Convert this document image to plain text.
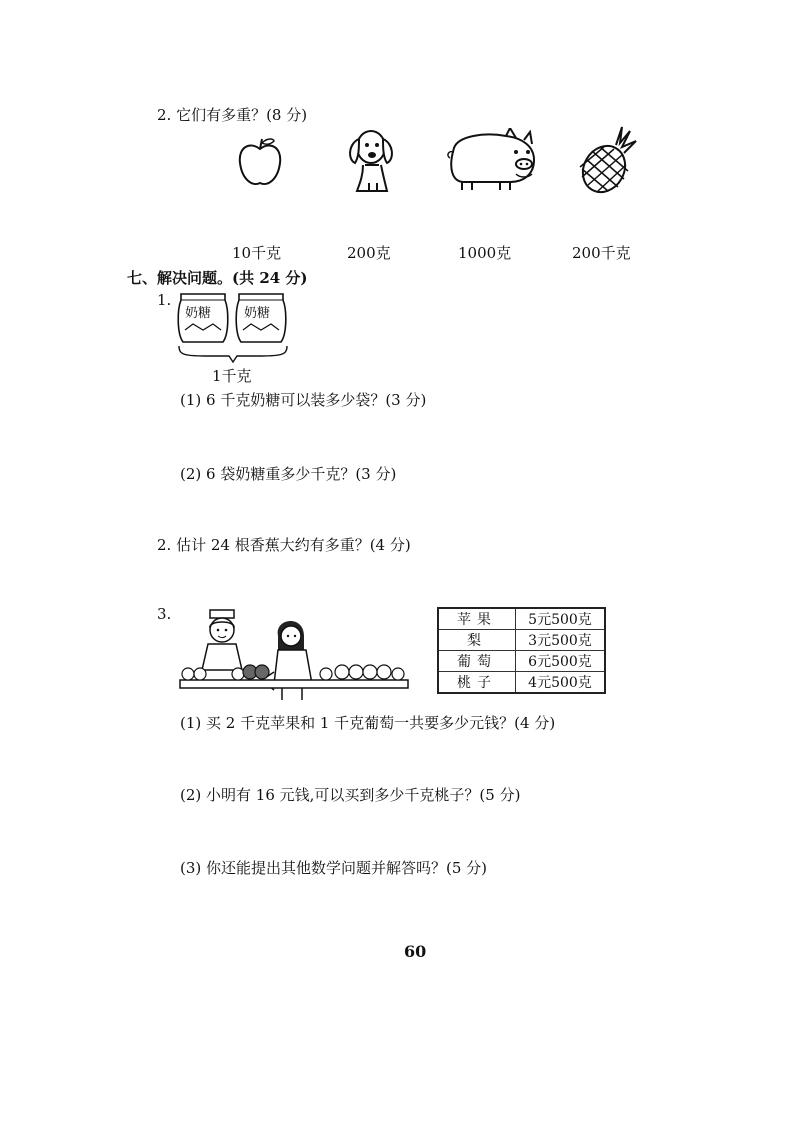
2. 它们有多重？(8 分)
10千克	200克	1000克	200千克
七、解决问题。(共 24 分)
1.
奶糖	奶糖
1千克
(1) 6 千克奶糖可以装多少袋？(3 分)
(2) 6 袋奶糖重多少千克？(3 分)
2. 估计 24 根香蕉大约有多重？(4 分)
3.	苹果	5元500克
梨	3元500克
葡萄	6元500克
桃子	4元500克
(1) 买 2 千克苹果和 1 千克葡萄一共要多少元钱？(4 分)
(2) 小明有 16 元钱,可以买到多少千克桃子？(5 分)
(3) 你还能提出其他数学问题并解答吗？(5 分)
60
